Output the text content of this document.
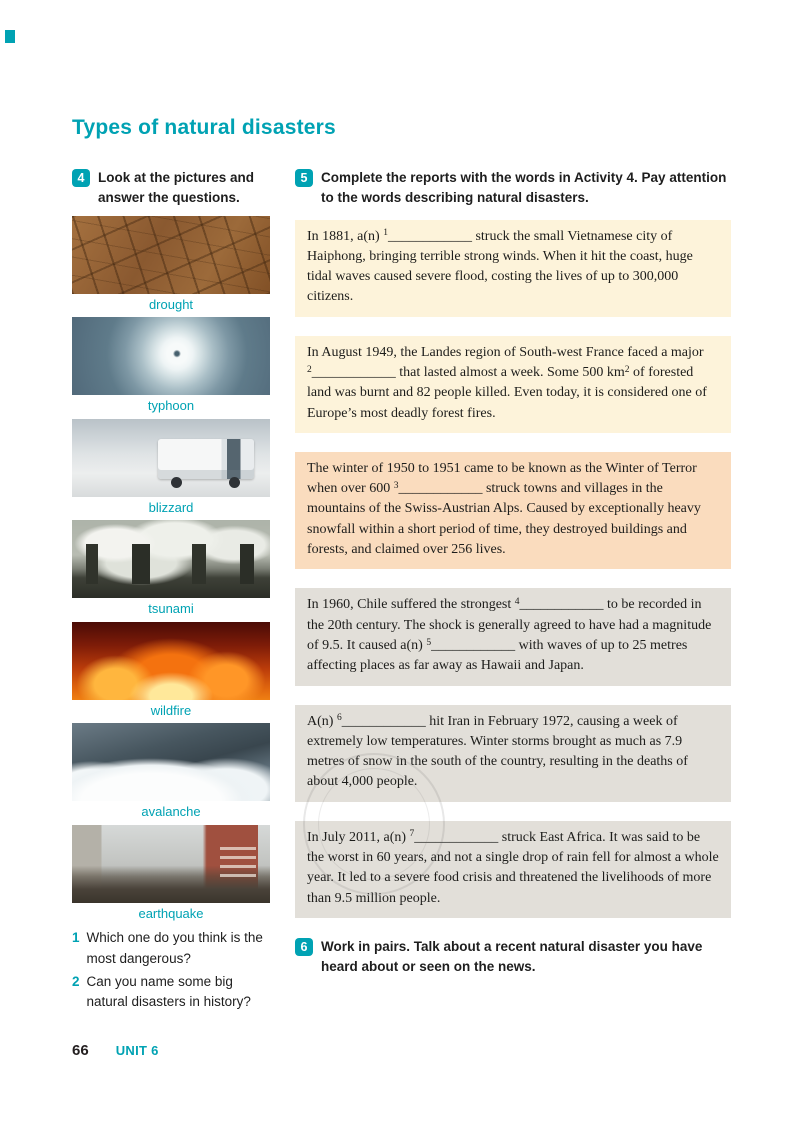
Types of natural disasters
4	Look at the pictures and answer the questions.
drought
typhoon
blizzard
tsunami
wildfire
avalanche
earthquake
1 Which one do you think is the most dangerous?
2 Can you name some big natural disasters in history?
5	Complete the reports with the words in Activity 4. Pay attention to the words describing natural disasters.

In 1881, a(n) $^1$____________ struck the small Vietnamese city of Haiphong, bringing terrible strong winds. When it hit the coast, huge tidal waves caused severe flood, costing the lives of up to 300,000 citizens.

In August 1949, the Landes region of South-west France faced a major $^2$____________ that lasted almost a week. Some 500 $km^2$ of forested land was burnt and 82 people killed. Even today, it is considered one of Europe’s most deadly forest fires.

The winter of 1950 to 1951 came to be known as the Winter of Terror when over 600 $^3$____________ struck towns and villages in the mountains of the Swiss-Austrian Alps. Caused by exceptionally heavy snowfall within a short period of time, they destroyed buildings and forests, and claimed over 256 lives.

In 1960, Chile suffered the strongest $^4$____________ to be recorded in the 20th century. The shock is generally agreed to have had a magnitude of 9.5. It caused a(n) $^5$____________ with waves of up to 25 metres affecting places as far away as Hawaii and Japan.

A(n) $^6$____________ hit Iran in February 1972, causing a week of extremely low temperatures. Winter storms brought as much as 7.9 metres of snow in the south of the country, resulting in the deaths of about 4,000 people.

In July 2011, a(n) $^7$____________ struck East Africa. It was said to be the worst in 60 years, and not a single drop of rain fell for almost a whole year. It led to a severe food crisis and threatened the livelihoods of more than 9.5 million people.

6	Work in pairs. Talk about a recent natural disaster you have heard about or seen on the news.
66 UNIT 6
